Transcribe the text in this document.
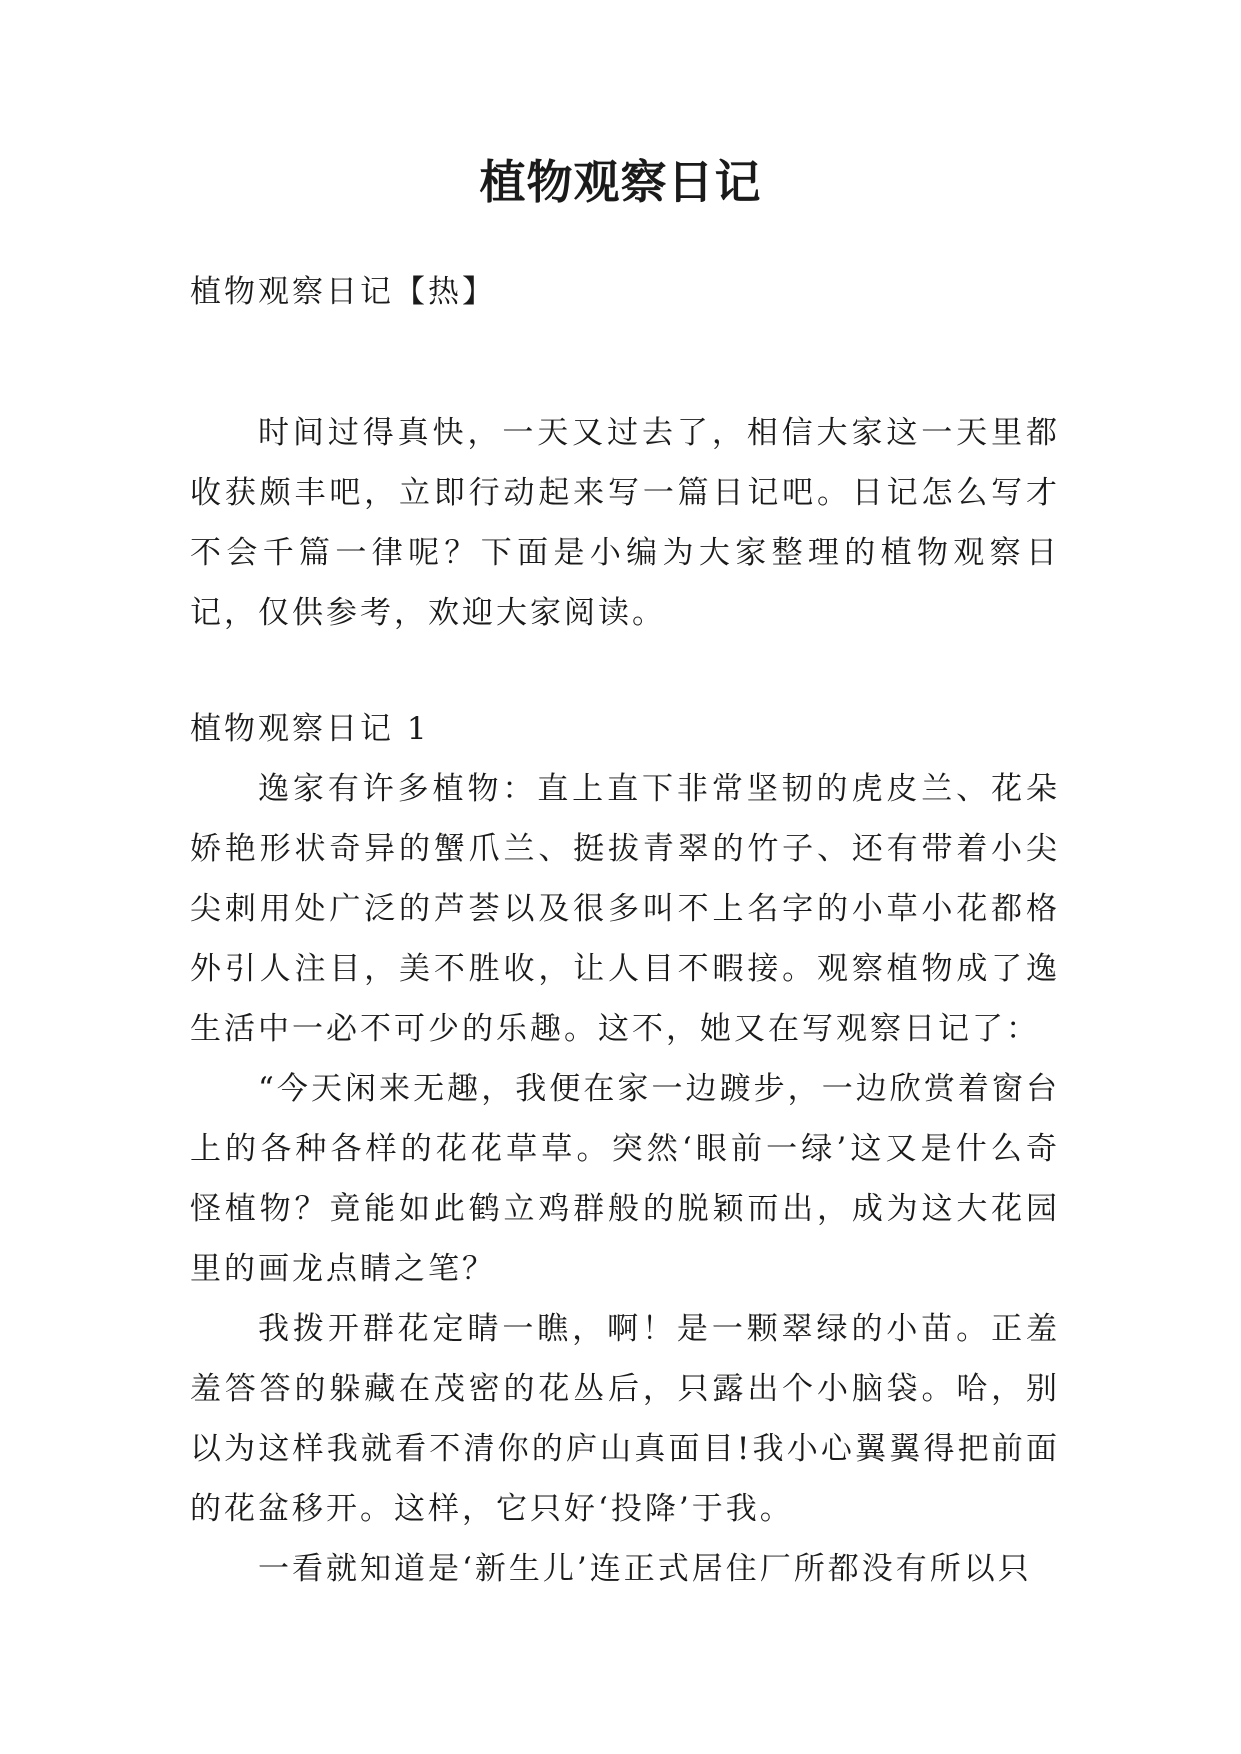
植物观察日记
植物观察日记【热】

时间过得真快，一天又过去了，相信大家这一天里都收获颇丰吧，立即行动起来写一篇日记吧。日记怎么写才不会千篇一律呢？下面是小编为大家整理的植物观察日记，仅供参考，欢迎大家阅读。

植物观察日记 1

逸家有许多植物：直上直下非常坚韧的虎皮兰、花朵娇艳形状奇异的蟹爪兰、挺拔青翠的竹子、还有带着小尖尖刺用处广泛的芦荟以及很多叫不上名字的小草小花都格外引人注目，美不胜收，让人目不暇接。观察植物成了逸生活中一必不可少的乐趣。这不，她又在写观察日记了：

“今天闲来无趣，我便在家一边踱步，一边欣赏着窗台上的各种各样的花花草草。突然‘眼前一绿’这又是什么奇怪植物？竟能如此鹤立鸡群般的脱颖而出，成为这大花园里的画龙点睛之笔？

我拨开群花定睛一瞧，啊！是一颗翠绿的小苗。正羞羞答答的躲藏在茂密的花丛后，只露出个小脑袋。哈，别以为这样我就看不清你的庐山真面目!我小心翼翼得把前面的花盆移开。这样，它只好‘投降’于我。

一看就知道是‘新生儿’连正式居住厂所都没有所以只
